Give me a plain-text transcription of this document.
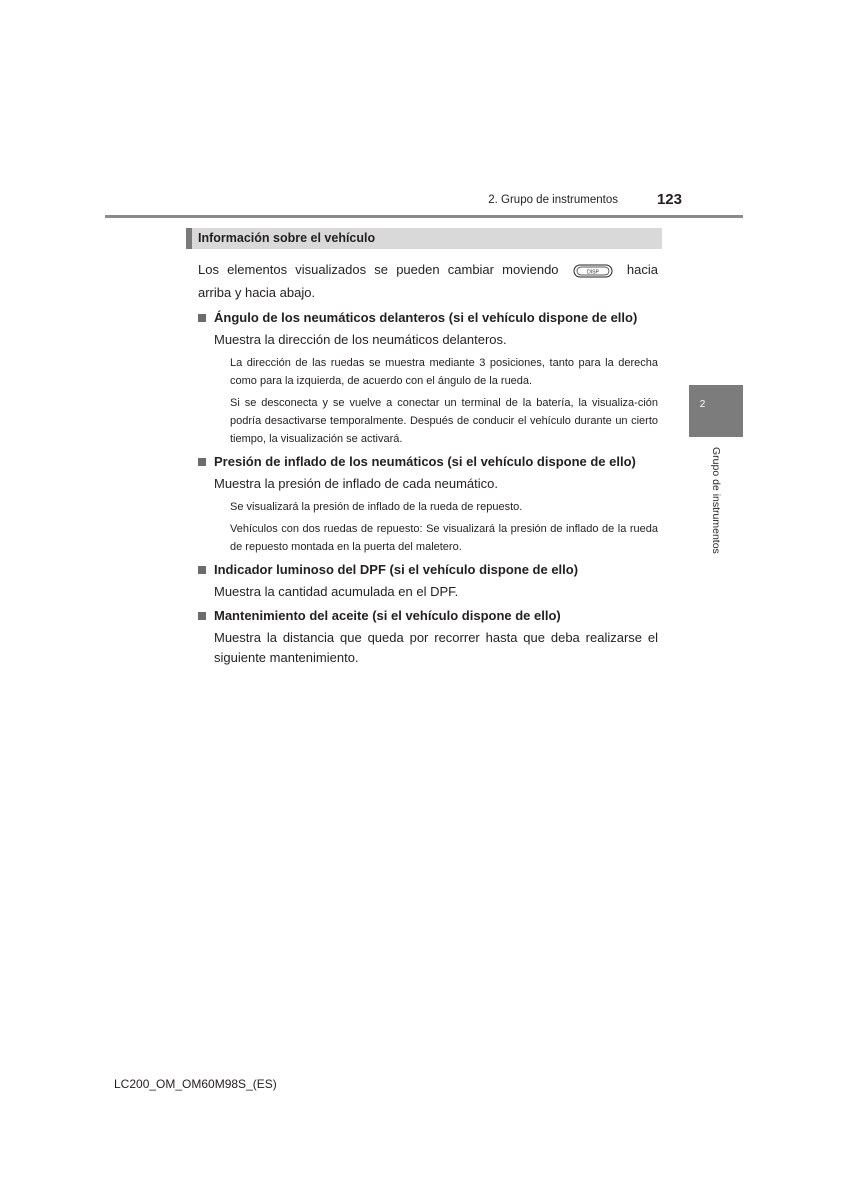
2. Grupo de instrumentos	123
2
Grupo de instrumentos
Información sobre el vehículo

Los elementos visualizados se pueden cambiar moviendo	DISP hacia arriba y hacia abajo.

Ángulo de los neumáticos delanteros (si el vehículo dispone de ello)

Muestra la dirección de los neumáticos delanteros.

La dirección de las ruedas se muestra mediante 3 posiciones, tanto para la derecha como para la izquierda, de acuerdo con el ángulo de la rueda.

Si se desconecta y se vuelve a conectar un terminal de la batería, la visualiza-ción podría desactivarse temporalmente. Después de conducir el vehículo durante un cierto tiempo, la visualización se activará.

Presión de inflado de los neumáticos (si el vehículo dispone de ello)

Muestra la presión de inflado de cada neumático.

Se visualizará la presión de inflado de la rueda de repuesto.

Vehículos con dos ruedas de repuesto: Se visualizará la presión de inflado de la rueda de repuesto montada en la puerta del maletero.

Indicador luminoso del DPF (si el vehículo dispone de ello)

Muestra la cantidad acumulada en el DPF.

Mantenimiento del aceite (si el vehículo dispone de ello)

Muestra la distancia que queda por recorrer hasta que deba realizarse el siguiente mantenimiento.

LC200_OM_OM60M98S_(ES)
